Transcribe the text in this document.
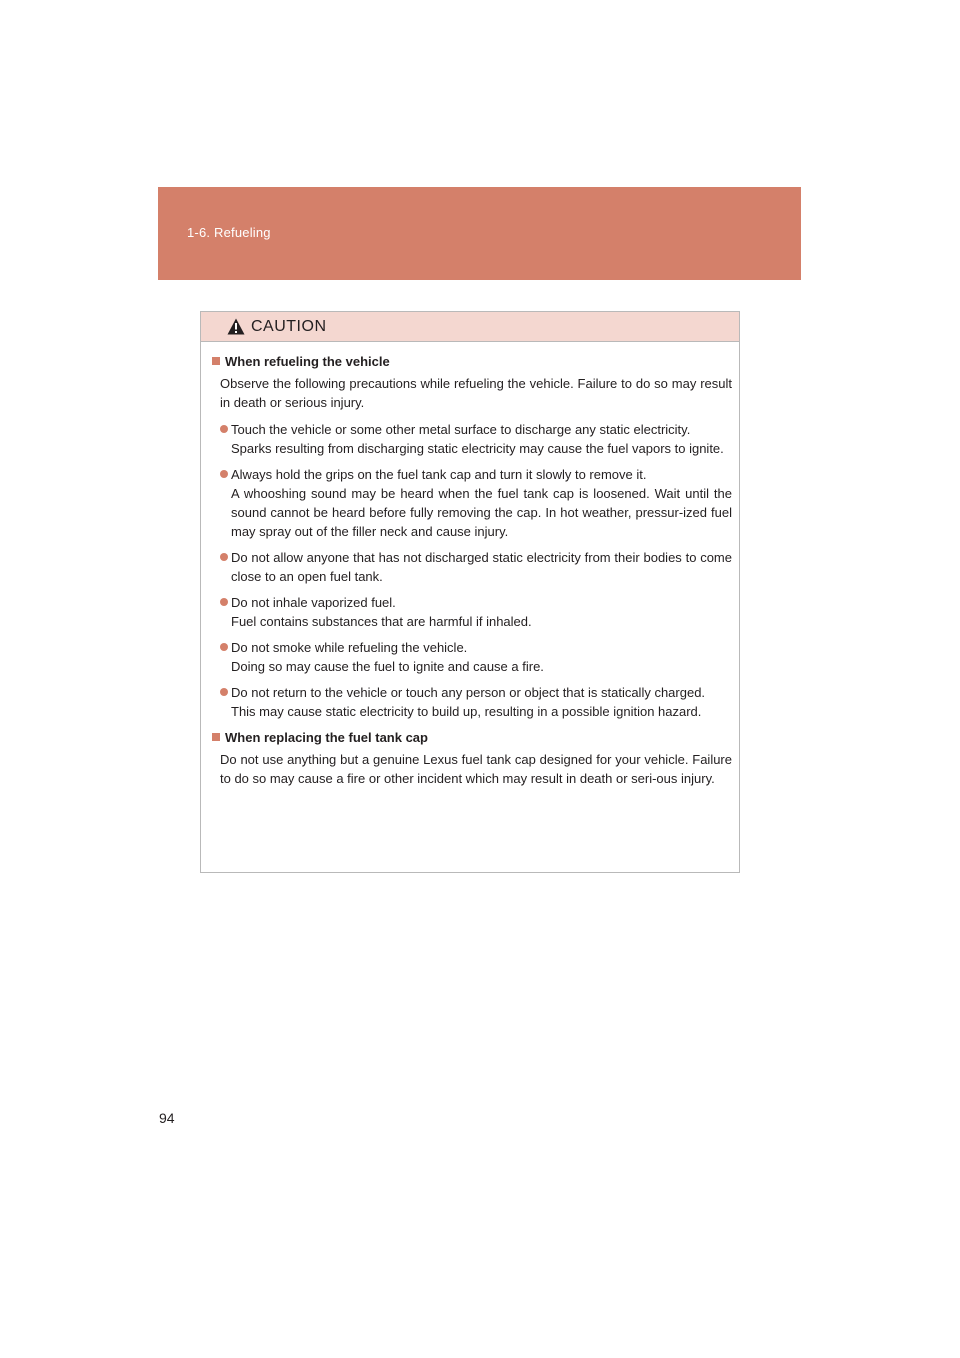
1-6. Refueling
CAUTION
When refueling the vehicle
Observe the following precautions while refueling the vehicle. Failure to do so may result in death or serious injury.
Touch the vehicle or some other metal surface to discharge any static electricity.
Sparks resulting from discharging static electricity may cause the fuel vapors to ignite.
Always hold the grips on the fuel tank cap and turn it slowly to remove it.
A whooshing sound may be heard when the fuel tank cap is loosened. Wait until the sound cannot be heard before fully removing the cap. In hot weather, pressur-ized fuel may spray out of the filler neck and cause injury.
Do not allow anyone that has not discharged static electricity from their bodies to come close to an open fuel tank.
Do not inhale vaporized fuel.
Fuel contains substances that are harmful if inhaled.
Do not smoke while refueling the vehicle.
Doing so may cause the fuel to ignite and cause a fire.
Do not return to the vehicle or touch any person or object that is statically charged.
This may cause static electricity to build up, resulting in a possible ignition hazard.
When replacing the fuel tank cap
Do not use anything but a genuine Lexus fuel tank cap designed for your vehicle. Failure to do so may cause a fire or other incident which may result in death or seri-ous injury.
94
